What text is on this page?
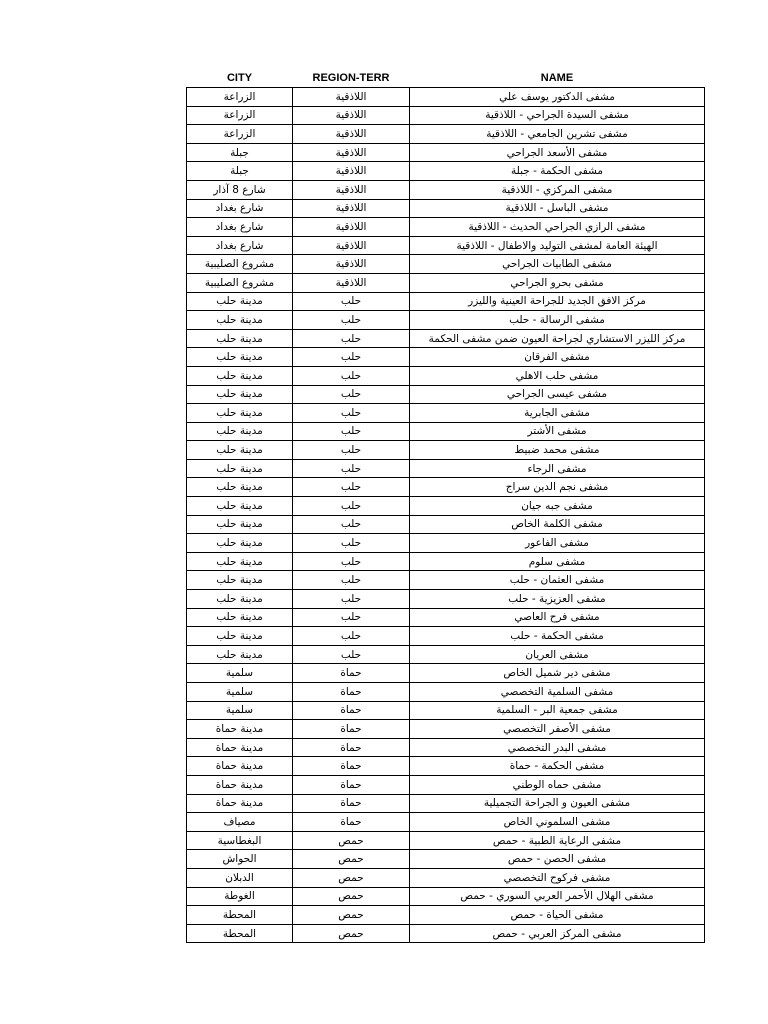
CITY	REGION-TERR	NAME
الزراعة	اللاذقية	مشفى الدكتور يوسف علي
الزراعة	اللاذقية	مشفى السيدة الجراحي - اللاذقية
الزراعة	اللاذقية	مشفى تشرين الجامعي - اللاذقية
جبلة	اللاذقية	مشفى الأسعد الجراحي
جبلة	اللاذقية	مشفى الحكمة - جبلة
شارع 8 آذار	اللاذقية	مشفى المركزي - اللاذقية
شارع بغداد	اللاذقية	مشفى الباسل - اللاذقية
شارع بغداد	اللاذقية	مشفى الرازي الجراحي الحديث - اللاذقية
شارع بغداد	اللاذقية	الهيئة العامة لمشفى التوليد والاطفال - اللاذقية
مشروع الصليبية	اللاذقية	مشفى الطابيات الجراحي
مشروع الصليبية	اللاذقية	مشفى بحرو الجراحي
مدينة حلب	حلب	مركز الافق الجديد للجراحة العينية والليزر
مدينة حلب	حلب	مشفى الرسالة - حلب
مدينة حلب	حلب	مركز الليزر الاستشاري لجراحة العيون ضمن مشفى الحكمة
مدينة حلب	حلب	مشفى الفرقان
مدينة حلب	حلب	مشفى حلب الاهلي
مدينة حلب	حلب	مشفى عيسى الجراحي
مدينة حلب	حلب	مشفى الجابرية
مدينة حلب	حلب	مشفى الأشتر
مدينة حلب	حلب	مشفى محمد ضبيط
مدينة حلب	حلب	مشفى الرجاء
مدينة حلب	حلب	مشفى نجم الدين سراج
مدينة حلب	حلب	مشفى جبه جيان
مدينة حلب	حلب	مشفى الكلمة الخاص
مدينة حلب	حلب	مشفى الفاعور
مدينة حلب	حلب	مشفى سلوم
مدينة حلب	حلب	مشفى العثمان - حلب
مدينة حلب	حلب	مشفى العزيزية - حلب
مدينة حلب	حلب	مشفى فرح العاصي
مدينة حلب	حلب	مشفى الحكمة - حلب
مدينة حلب	حلب	مشفى العريان
سلمية	حماة	مشفى دير شميل الخاص
سلمية	حماة	مشفى السلمية التخصصي
سلمية	حماة	مشفى جمعية البر - السلمية
مدينة حماة	حماة	مشفى الأصفر التخصصي
مدينة حماة	حماة	مشفى البدر التخصصي
مدينة حماة	حماة	مشفى الحكمة - حماة
مدينة حماة	حماة	مشفى حماه الوطني
مدينة حماة	حماة	مشفى العيون و الجراحة التجميلية
مصياف	حماة	مشفى السلموني الخاص
البغطاسية	حمص	مشفى الرعاية الطبية - حمص
الحواش	حمص	مشفى الحصن - حمص
الدبلان	حمص	مشفى فركوح التخصصي
الغوطة	حمص	مشفى الهلال الأحمر العربي السوري - حمص
المحطة	حمص	مشفى الحياة - حمص
المحطة	حمص	مشفى المركز العربي - حمص
